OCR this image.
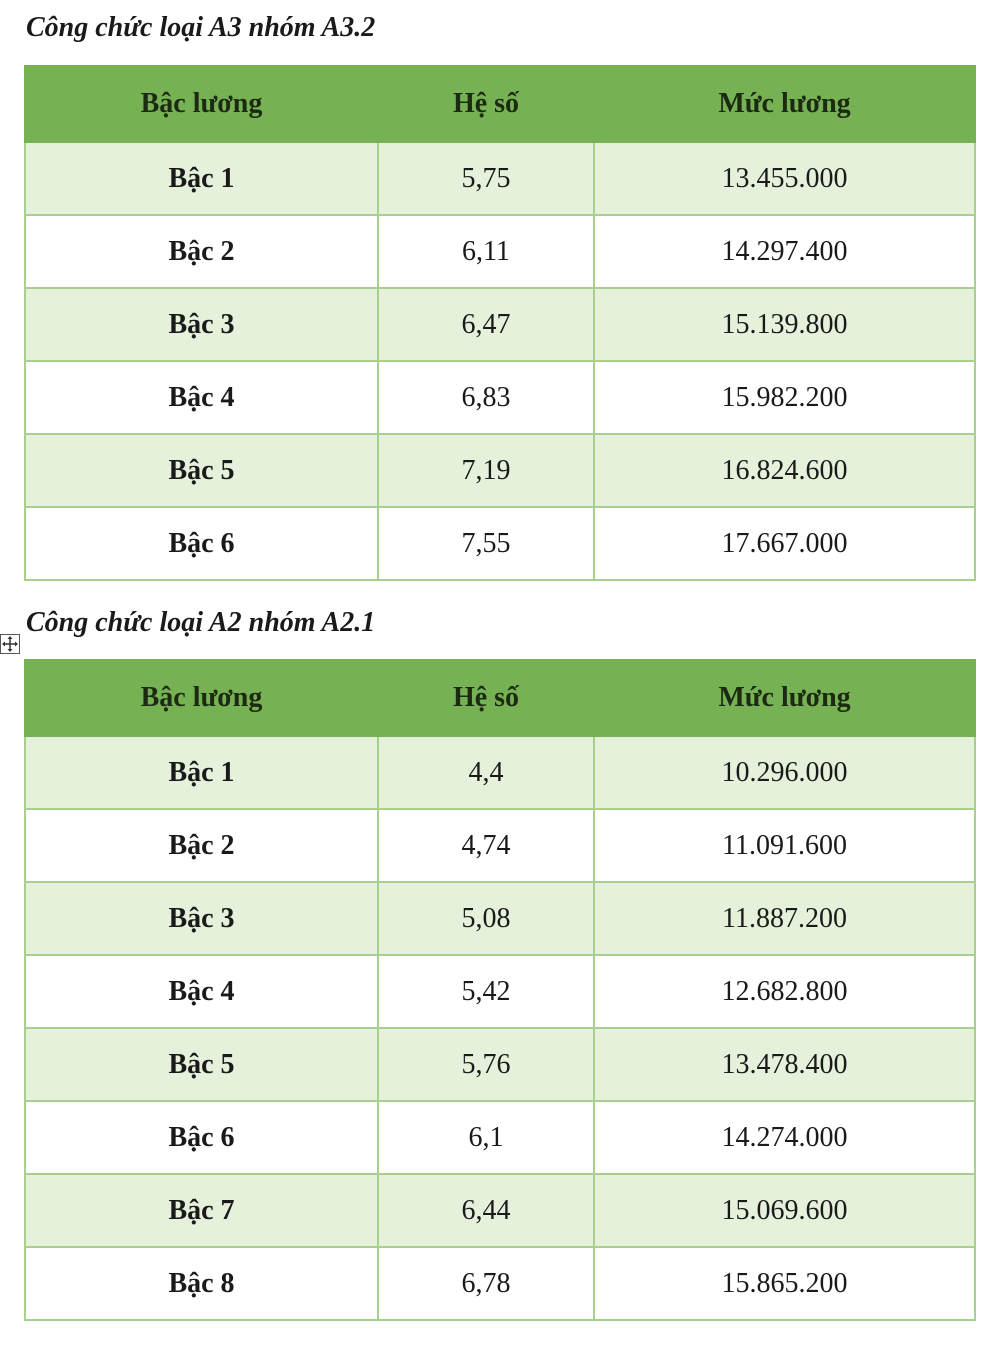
Công chức loại A3 nhóm A3.2
Bậc lương	Hệ số	Mức lương
Bậc 1	5,75	13.455.000
Bậc 2	6,11	14.297.400
Bậc 3	6,47	15.139.800
Bậc 4	6,83	15.982.200
Bậc 5	7,19	16.824.600
Bậc 6	7,55	17.667.000
Công chức loại A2 nhóm A2.1
Bậc lương	Hệ số	Mức lương
Bậc 1	4,4	10.296.000
Bậc 2	4,74	11.091.600
Bậc 3	5,08	11.887.200
Bậc 4	5,42	12.682.800
Bậc 5	5,76	13.478.400
Bậc 6	6,1	14.274.000
Bậc 7	6,44	15.069.600
Bậc 8	6,78	15.865.200
